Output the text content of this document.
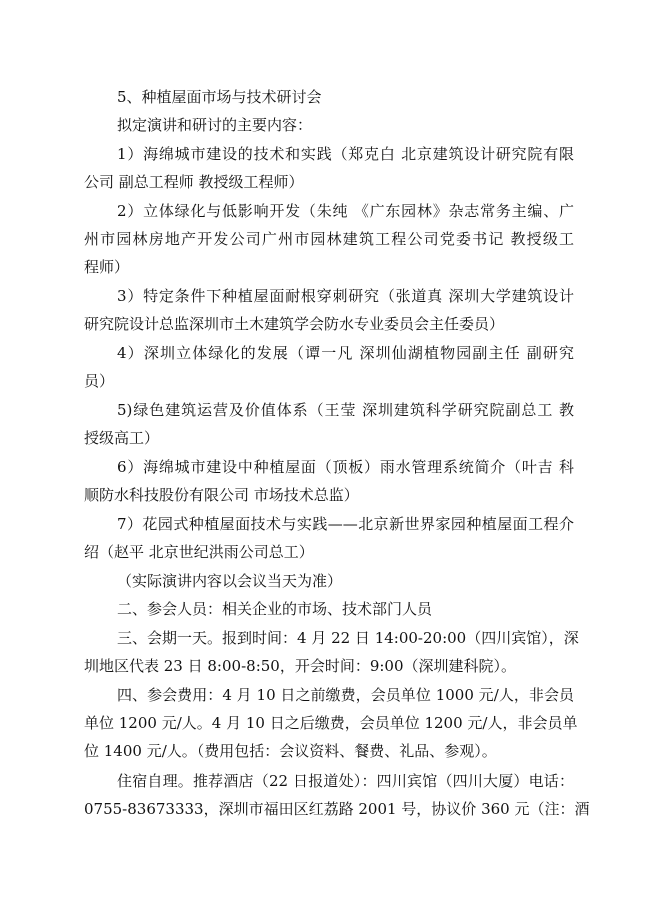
5、种植屋面市场与技术研讨会
拟定演讲和研讨的主要内容：
1）海绵城市建设的技术和实践（郑克白 北京建筑设计研究院有限
公司 副总工程师 教授级工程师）
2）立体绿化与低影响开发（朱纯 《广东园林》杂志常务主编、广
州市园林房地产开发公司广州市园林建筑工程公司党委书记 教授级工
程师）
3）特定条件下种植屋面耐根穿刺研究（张道真 深圳大学建筑设计
研究院设计总监深圳市土木建筑学会防水专业委员会主任委员）
4）深圳立体绿化的发展（谭一凡 深圳仙湖植物园副主任 副研究
员）
5)绿色建筑运营及价值体系（王莹 深圳建筑科学研究院副总工 教
授级高工）
6）海绵城市建设中种植屋面（顶板）雨水管理系统简介（叶吉 科
顺防水科技股份有限公司 市场技术总监）
7）花园式种植屋面技术与实践——北京新世界家园种植屋面工程介
绍（赵平 北京世纪洪雨公司总工）
（实际演讲内容以会议当天为准）
二、参会人员：相关企业的市场、技术部门人员
三、会期一天。报到时间：4 月 22 日 14:00-20:00（四川宾馆），深
圳地区代表 23 日 8:00-8:50，开会时间：9:00（深圳建科院）。
四、参会费用：4 月 10 日之前缴费，会员单位 1000 元/人，非会员
单位 1200 元/人。4 月 10 日之后缴费，会员单位 1200 元/人，非会员单
位 1400 元/人。（费用包括：会议资料、餐费、礼品、参观）。
住宿自理。推荐酒店（22 日报道处）：四川宾馆（四川大厦）电话：
0755-83673333，深圳市福田区红荔路 2001 号，协议价 360 元（注：酒
